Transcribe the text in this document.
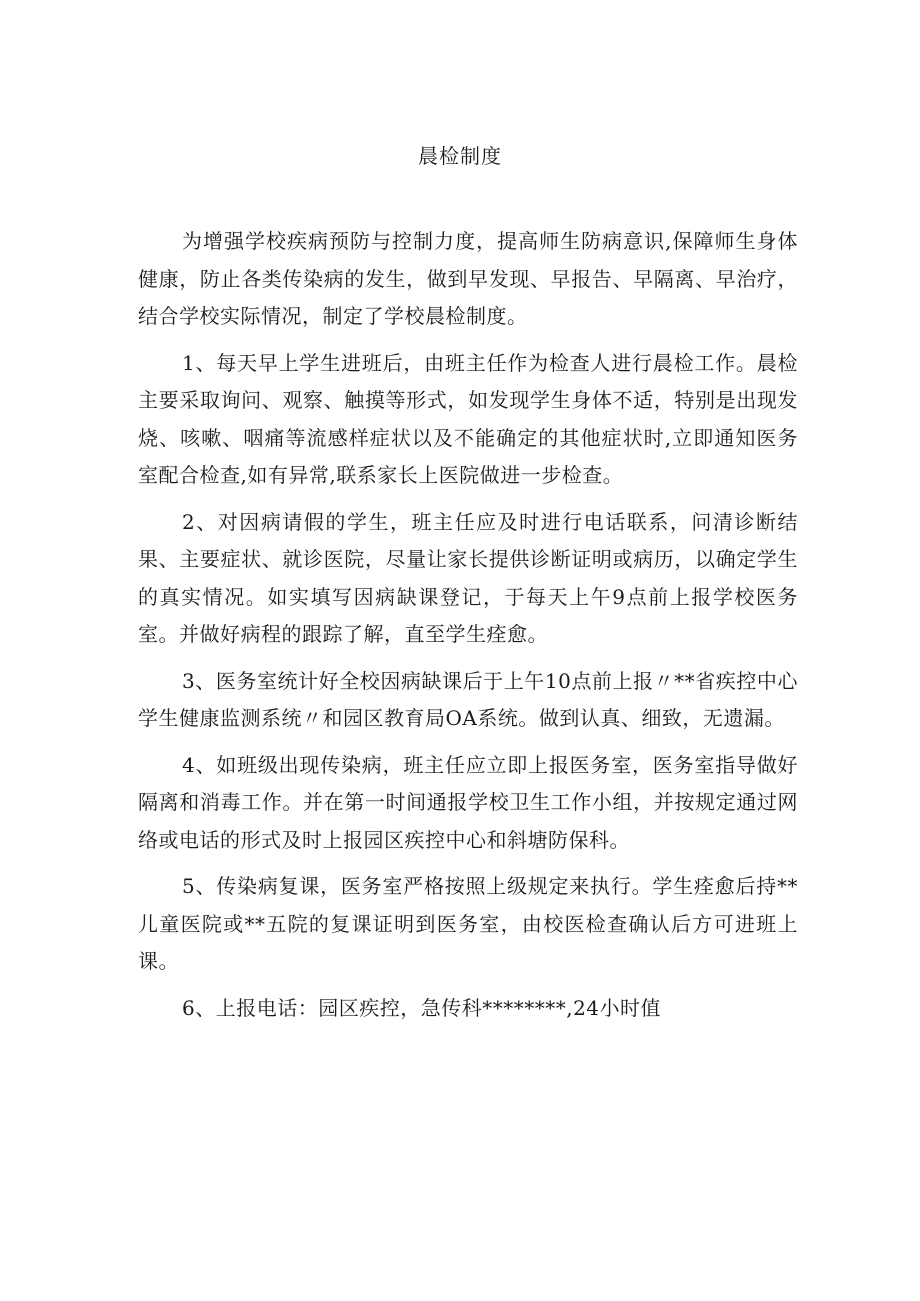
晨检制度

为增强学校疾病预防与控制力度，提高师生防病意识,保障师生身体健康，防止各类传染病的发生，做到早发现、早报告、早隔离、早治疗，结合学校实际情况，制定了学校晨检制度。

1、每天早上学生进班后，由班主任作为检查人进行晨检工作。晨检主要采取询问、观察、触摸等形式，如发现学生身体不适，特别是出现发烧、咳嗽、咽痛等流感样症状以及不能确定的其他症状时,立即通知医务室配合检查,如有异常,联系家长上医院做进一步检查。

2、对因病请假的学生，班主任应及时进行电话联系，问清诊断结果、主要症状、就诊医院，尽量让家长提供诊断证明或病历，以确定学生的真实情况。如实填写因病缺课登记，于每天上午9点前上报学校医务室。并做好病程的跟踪了解，直至学生痊愈。

3、医务室统计好全校因病缺课后于上午10点前上报〃**省疾控中心学生健康监测系统〃和园区教育局OA系统。做到认真、细致，无遗漏。

4、如班级出现传染病，班主任应立即上报医务室，医务室指导做好隔离和消毒工作。并在第一时间通报学校卫生工作小组，并按规定通过网络或电话的形式及时上报园区疾控中心和斜塘防保科。

5、传染病复课，医务室严格按照上级规定来执行。学生痊愈后持**儿童医院或**五院的复课证明到医务室，由校医检查确认后方可进班上课。

6、上报电话：园区疾控，急传科********,24小时值
